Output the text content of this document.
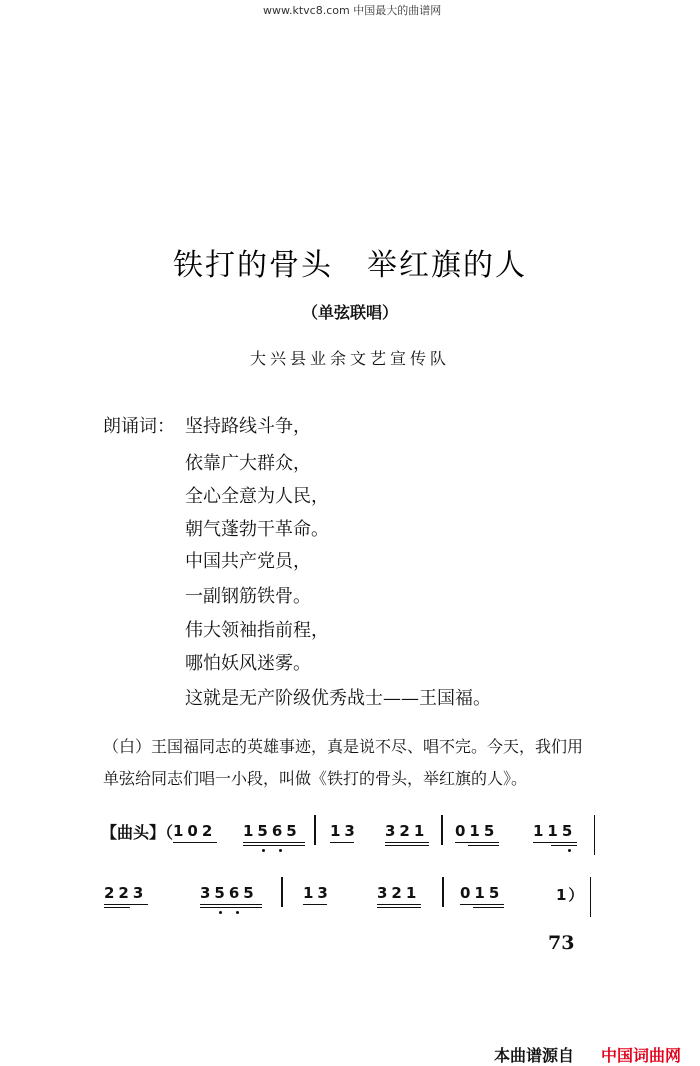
www.ktvc8.com 中国最大的曲谱网
铁打的骨头 举红旗的人
（单弦联唱）
大兴县业余文艺宣传队
朗诵词： 坚持路线斗争，
依靠广大群众，
全心全意为人民，
朝气蓬勃干革命。
中国共产党员，
一副钢筋铁骨。
伟大领袖指前程，
哪怕妖风迷雾。
这就是无产阶级优秀战士——王国福。
（白）王国福同志的英雄事迹，真是说不尽、唱不完。今天，我们用
单弦给同志们唱一小段，叫做《铁打的骨头，举红旗的人》。
【曲头】（ 102 1565 13 321 015 115
223	3565	13	321	015	1）
73
本曲谱源自 中国词曲网
